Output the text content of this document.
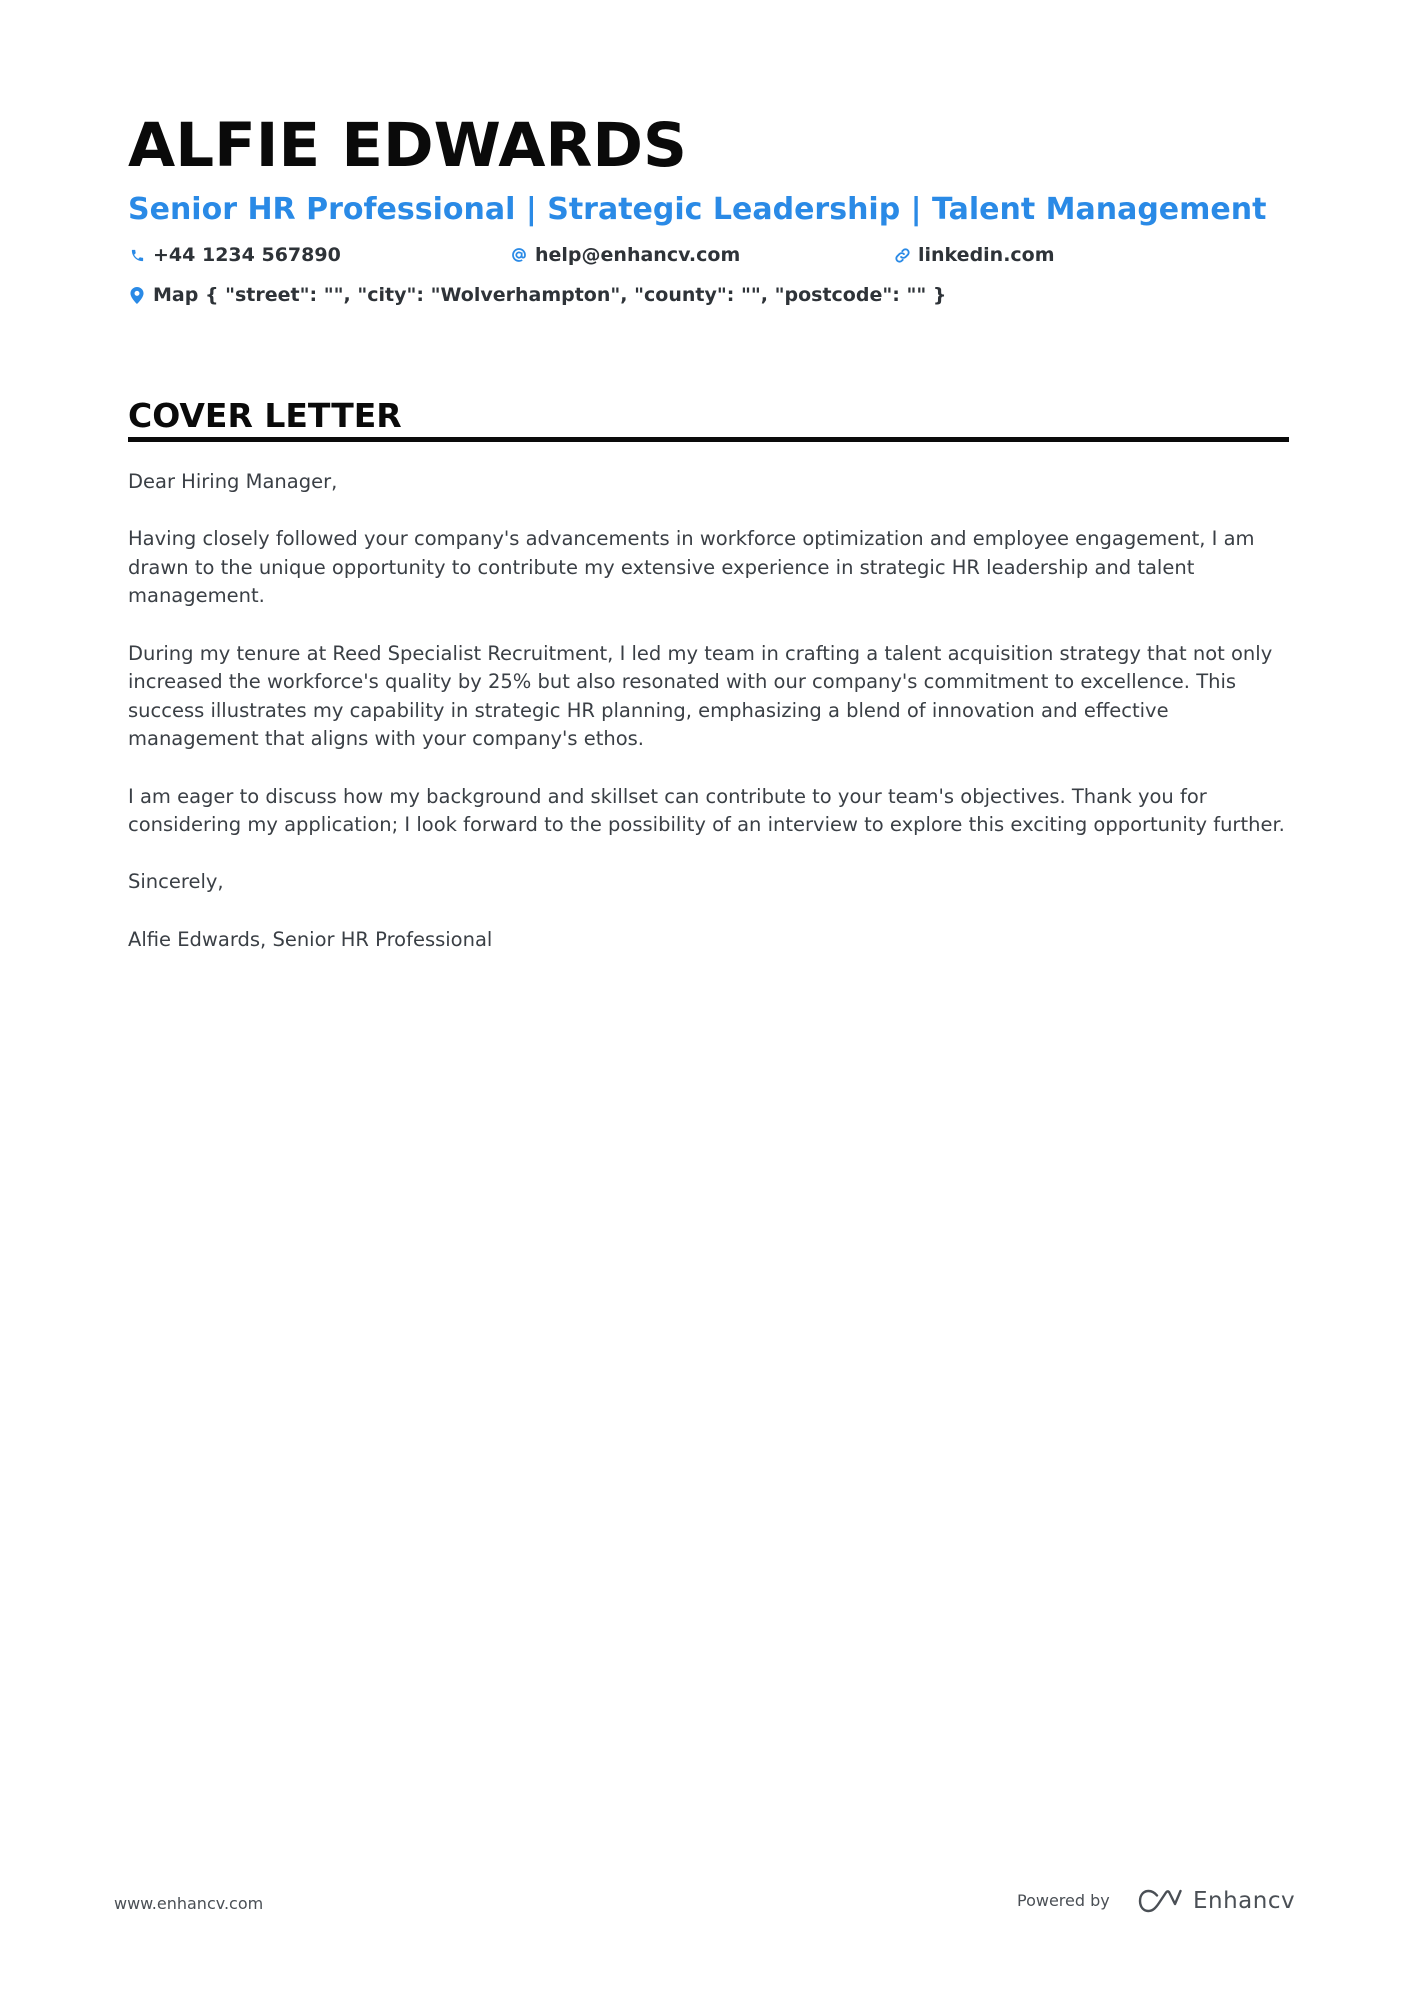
ALFIE EDWARDS
Senior HR Professional | Strategic Leadership | Talent Management
+44 1234 567890	help@enhancv.com	linkedin.com
Map { "street": "", "city": "Wolverhampton", "county": "", "postcode": "" }
COVER LETTER

Dear Hiring Manager,

Having closely followed your company's advancements in workforce optimization and employee engagement, I am drawn to the unique opportunity to contribute my extensive experience in strategic HR leadership and talent management.

During my tenure at Reed Specialist Recruitment, I led my team in crafting a talent acquisition strategy that not only increased the workforce's quality by 25% but also resonated with our company's commitment to excellence. This success illustrates my capability in strategic HR planning, emphasizing a blend of innovation and effective management that aligns with your company's ethos.

I am eager to discuss how my background and skillset can contribute to your team's objectives. Thank you for considering my application; I look forward to the possibility of an interview to explore this exciting opportunity further.

Sincerely,

Alfie Edwards, Senior HR Professional

www.enhancv.com	Powered by	Enhancv
